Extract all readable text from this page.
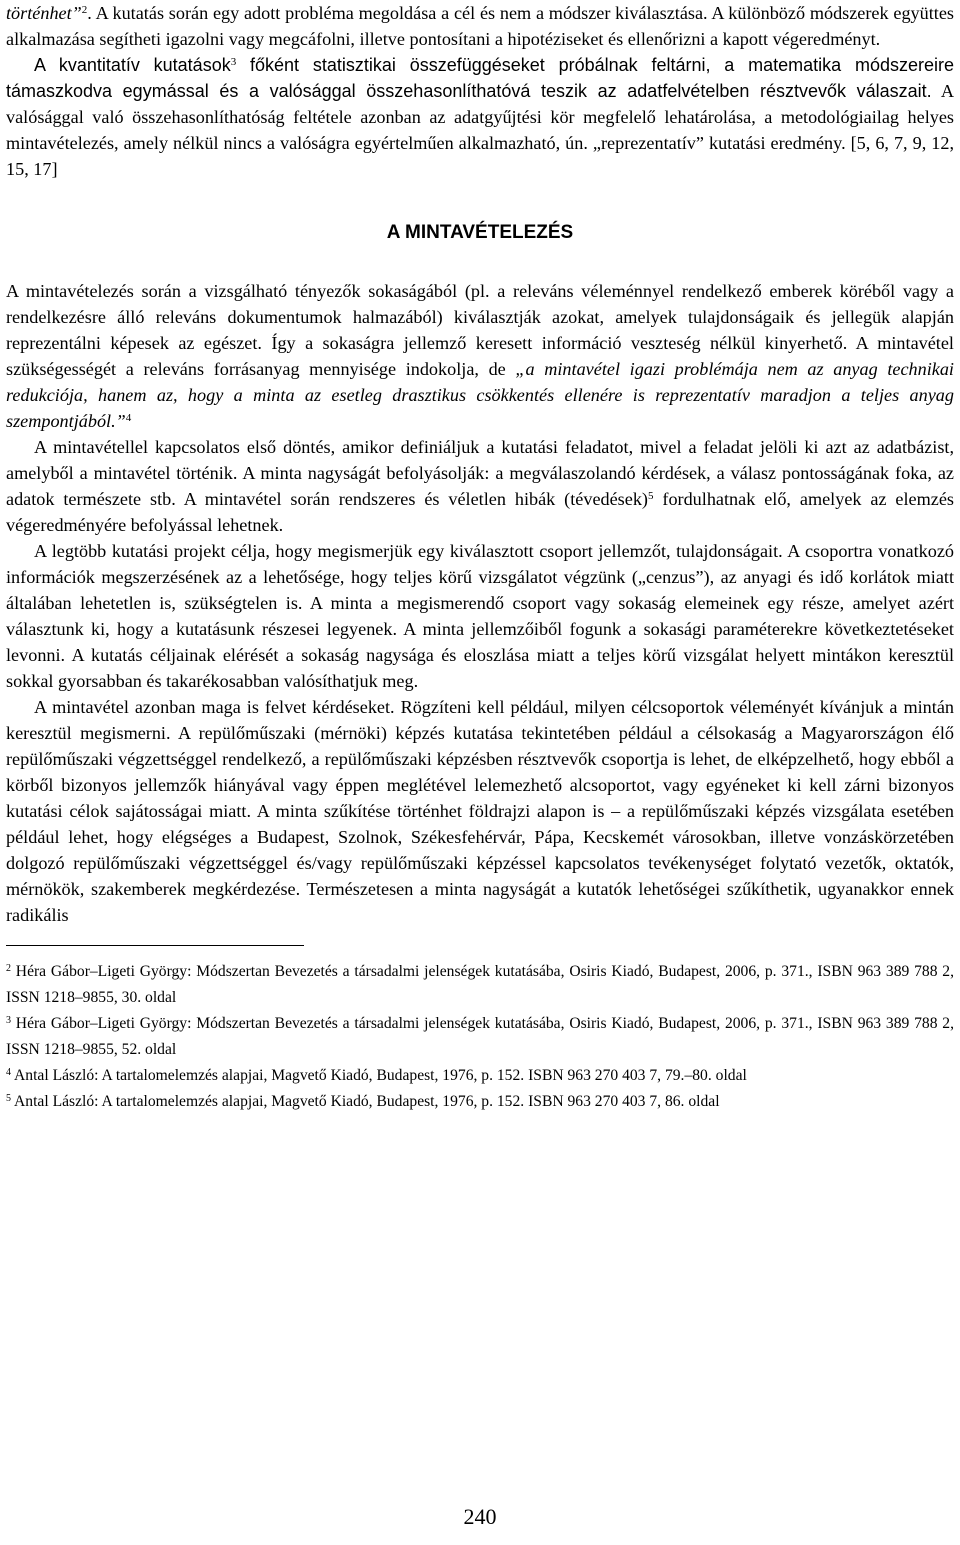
történhet”$^2$. A kutatás során egy adott probléma megoldása a cél és nem a módszer kiválasztása. A különböző módszerek együttes alkalmazása segítheti igazolni vagy megcáfolni, illetve pontosítani a hipotéziseket és ellenőrizni a kapott végeredményt.

A kvantitatív kutatások$^3$ főként statisztikai összefüggéseket próbálnak feltárni, a matematika módszereire támaszkodva egymással és a valósággal összehasonlíthatóvá teszik az adatfelvételben résztvevők válaszait. A valósággal való összehasonlíthatóság feltétele azonban az adatgyűjtési kör megfelelő lehatárolása, a metodológiailag helyes mintavételezés, amely nélkül nincs a valóságra egyértelműen alkalmazható, ún. „reprezentatív” kutatási eredmény. [5, 6, 7, 9, 12, 15, 17]

A MINTAVÉTELEZÉS

A mintavételezés során a vizsgálható tényezők sokaságából (pl. a releváns véleménnyel rendelkező emberek köréből vagy a rendelkezésre álló releváns dokumentumok halmazából) kiválasztják azokat, amelyek tulajdonságaik és jellegük alapján reprezentálni képesek az egészet. Így a sokaságra jellemző keresett információ veszteség nélkül kinyerhető. A mintavétel szükségességét a releváns forrásanyag mennyisége indokolja, de „a mintavétel igazi problémája nem az anyag technikai redukciója, hanem az, hogy a minta az esetleg drasztikus csökkentés ellenére is reprezentatív maradjon a teljes anyag szempontjából.”$^4$

A mintavétellel kapcsolatos első döntés, amikor definiáljuk a kutatási feladatot, mivel a feladat jelöli ki azt az adatbázist, amelyből a mintavétel történik. A minta nagyságát befolyásolják: a megválaszolandó kérdések, a válasz pontosságának foka, az adatok természete stb. A mintavétel során rendszeres és véletlen hibák (tévedések)$^5$ fordulhatnak elő, amelyek az elemzés végeredményére befolyással lehetnek.

A legtöbb kutatási projekt célja, hogy megismerjük egy kiválasztott csoport jellemzőt, tulajdonságait. A csoportra vonatkozó információk megszerzésének az a lehetősége, hogy teljes körű vizsgálatot végzünk („cenzus”), az anyagi és idő korlátok miatt általában lehetetlen is, szükségtelen is. A minta a megismerendő csoport vagy sokaság elemeinek egy része, amelyet azért választunk ki, hogy a kutatásunk részesei legyenek. A minta jellemzőiből fogunk a sokasági paraméterekre következtetéseket levonni. A kutatás céljainak elérését a sokaság nagysága és eloszlása miatt a teljes körű vizsgálat helyett mintákon keresztül sokkal gyorsabban és takarékosabban valósíthatjuk meg.

A mintavétel azonban maga is felvet kérdéseket. Rögzíteni kell például, milyen célcsoportok véleményét kívánjuk a mintán keresztül megismerni. A repülőműszaki (mérnöki) képzés kutatása tekintetében például a célsokaság a Magyarországon élő repülőműszaki végzettséggel rendelkező, a repülőműszaki képzésben résztvevők csoportja is lehet, de elképzelhető, hogy ebből a körből bizonyos jellemzők hiányával vagy éppen meglétével lelemezhető alcsoportot, vagy egyéneket ki kell zárni bizonyos kutatási célok sajátosságai miatt. A minta szűkítése történhet földrajzi alapon is – a repülőműszaki képzés vizsgálata esetében például lehet, hogy elégséges a Budapest, Szolnok, Székesfehérvár, Pápa, Kecskemét városokban, illetve vonzáskörzetében dolgozó repülőműszaki végzettséggel és/vagy repülőműszaki képzéssel kapcsolatos tevékenységet folytató vezetők, oktatók, mérnökök, szakemberek megkérdezése. Természetesen a minta nagyságát a kutatók lehetőségei szűkíthetik, ugyanakkor ennek radikális

$^2$ Héra Gábor–Ligeti György: Módszertan Bevezetés a társadalmi jelenségek kutatásába, Osiris Kiadó, Budapest, 2006, p. 371., ISBN 963 389 788 2, ISSN 1218–9855, 30. oldal

$^3$ Héra Gábor–Ligeti György: Módszertan Bevezetés a társadalmi jelenségek kutatásába, Osiris Kiadó, Budapest, 2006, p. 371., ISBN 963 389 788 2, ISSN 1218–9855, 52. oldal

$^4$ Antal László: A tartalomelemzés alapjai, Magvető Kiadó, Budapest, 1976, p. 152. ISBN 963 270 403 7, 79.–80. oldal

$^5$ Antal László: A tartalomelemzés alapjai, Magvető Kiadó, Budapest, 1976, p. 152. ISBN 963 270 403 7, 86. oldal

240
